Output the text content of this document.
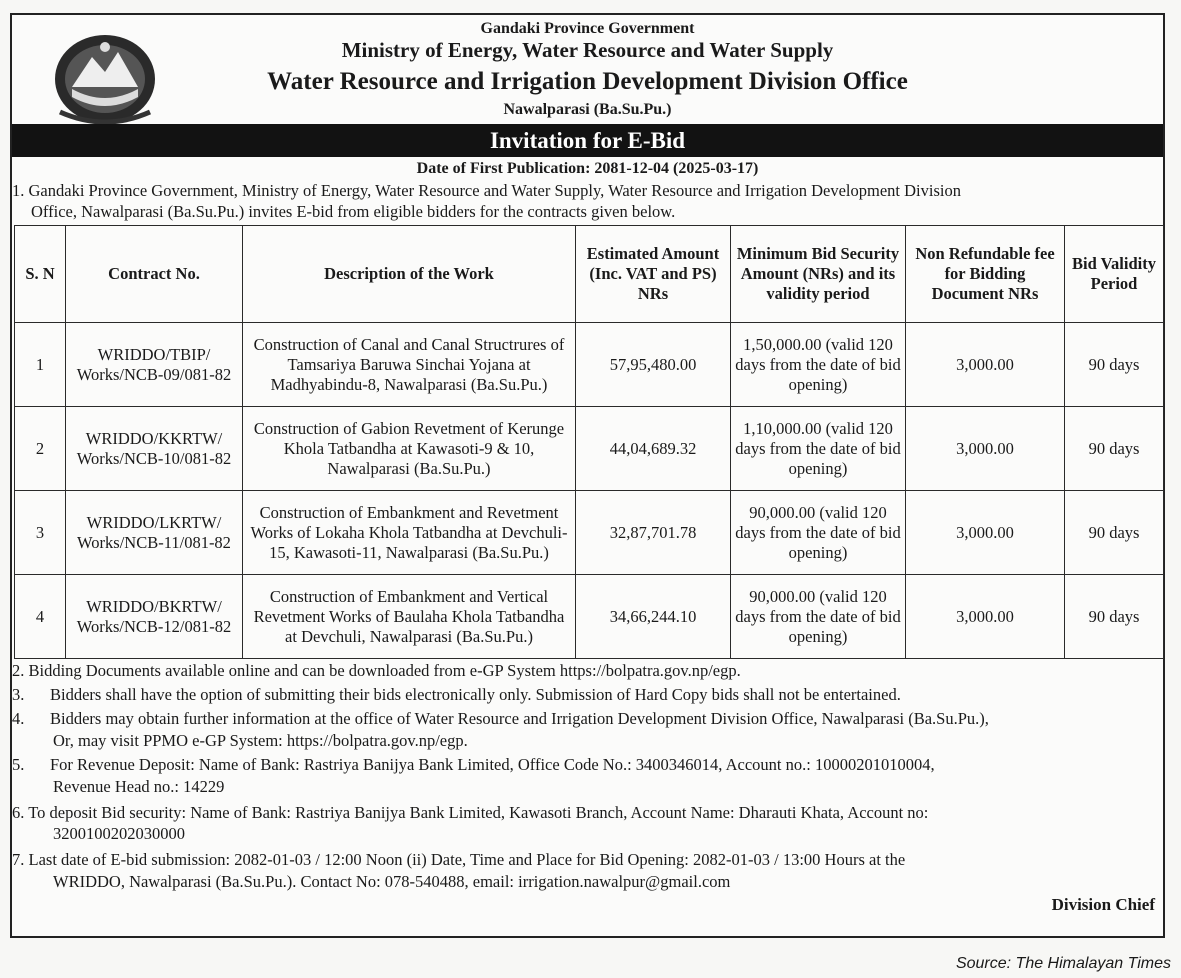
Gandaki Province Government
Ministry of Energy, Water Resource and Water Supply
Water Resource and Irrigation Development Division Office
Nawalparasi (Ba.Su.Pu.)
Invitation for E-Bid
Date of First Publication: 2081-12-04 (2025-03-17)
1. Gandaki Province Government, Ministry of Energy, Water Resource and Water Supply, Water Resource and Irrigation Development Division
Office, Nawalparasi (Ba.Su.Pu.) invites E-bid from eligible bidders for the contracts given below.
S. N	Contract No.	Description of the Work	Estimated Amount (Inc. VAT and PS) NRs	Minimum Bid Security Amount (NRs) and its validity period	Non Refundable fee for Bidding Document NRs	Bid Validity Period
1	WRIDDO/TBIP/ Works/NCB-09/081-82	Construction of Canal and Canal Structrures of Tamsariya Baruwa Sinchai Yojana at Madhyabindu-8, Nawalparasi (Ba.Su.Pu.)	57,95,480.00	1,50,000.00 (valid 120 days from the date of bid opening)	3,000.00	90 days
2	WRIDDO/KKRTW/ Works/NCB-10/081-82	Construction of Gabion Revetment of Kerunge Khola Tatbandha at Kawasoti-9 & 10, Nawalparasi (Ba.Su.Pu.)	44,04,689.32	1,10,000.00 (valid 120 days from the date of bid opening)	3,000.00	90 days
3	WRIDDO/LKRTW/ Works/NCB-11/081-82	Construction of Embankment and Revetment Works of Lokaha Khola Tatbandha at Devchuli-15, Kawasoti-11, Nawalparasi (Ba.Su.Pu.)	32,87,701.78	90,000.00 (valid 120 days from the date of bid opening)	3,000.00	90 days
4	WRIDDO/BKRTW/ Works/NCB-12/081-82	Construction of Embankment and Vertical Revetment Works of Baulaha Khola Tatbandha at Devchuli, Nawalparasi (Ba.Su.Pu.)	34,66,244.10	90,000.00 (valid 120 days from the date of bid opening)	3,000.00	90 days
2. Bidding Documents available online and can be downloaded from e-GP System https://bolpatra.gov.np/egp.
3. Bidders shall have the option of submitting their bids electronically only. Submission of Hard Copy bids shall not be entertained.
4. Bidders may obtain further information at the office of Water Resource and Irrigation Development Division Office, Nawalparasi (Ba.Su.Pu.),
Or, may visit PPMO e-GP System: https://bolpatra.gov.np/egp.
5. For Revenue Deposit: Name of Bank: Rastriya Banijya Bank Limited, Office Code No.: 3400346014, Account no.: 10000201010004,
Revenue Head no.: 14229
6. To deposit Bid security: Name of Bank: Rastriya Banijya Bank Limited, Kawasoti Branch, Account Name: Dharauti Khata, Account no:
3200100202030000
7. Last date of E-bid submission: 2082-01-03 / 12:00 Noon (ii) Date, Time and Place for Bid Opening: 2082-01-03 / 13:00 Hours at the
WRIDDO, Nawalparasi (Ba.Su.Pu.). Contact No: 078-540488, email: irrigation.nawalpur@gmail.com
Division Chief
Source: The Himalayan Times
